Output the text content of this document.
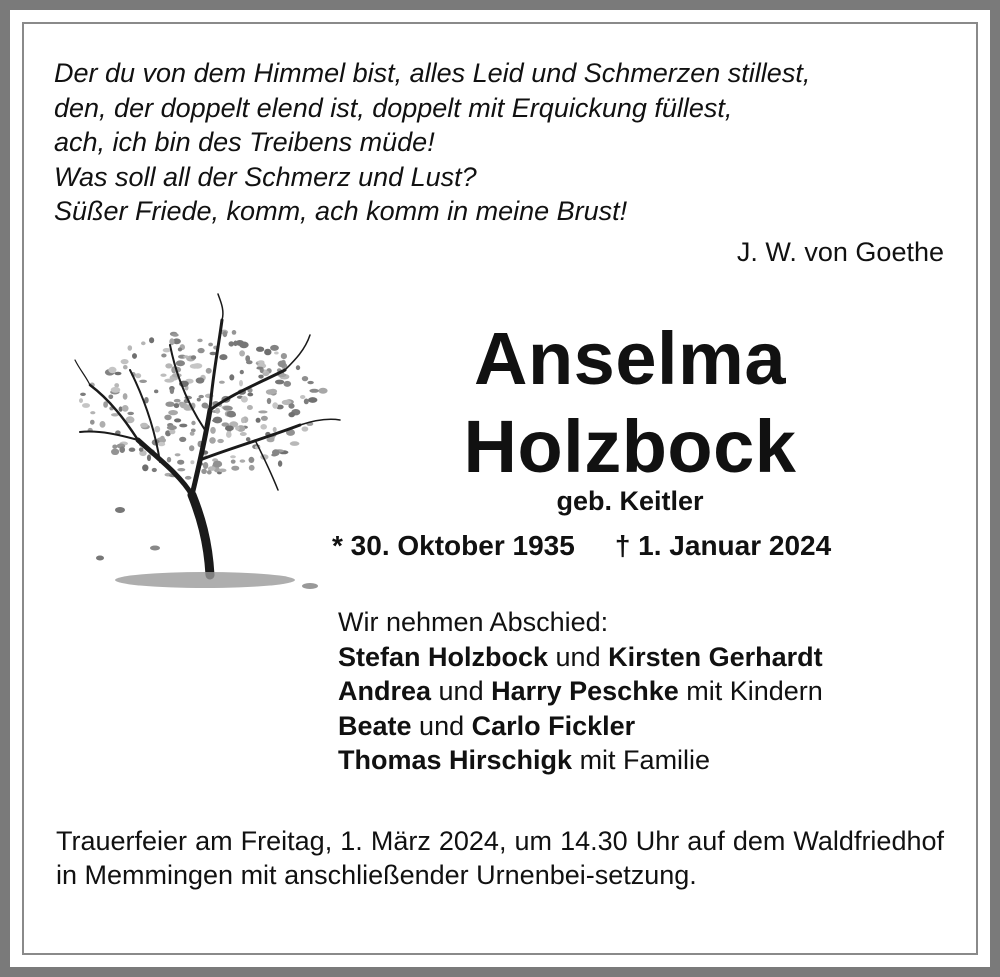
Der du von dem Himmel bist, alles Leid und Schmerzen stillest,
den, der doppelt elend ist, doppelt mit Erquickung füllest,
ach, ich bin des Treibens müde!
Was soll all der Schmerz und Lust?
Süßer Friede, komm, ach komm in meine Brust!
J. W. von Goethe
Anselma
Holzbock
geb. Keitler
* 30. Oktober 1935 † 1. Januar 2024
Wir nehmen Abschied:
Stefan Holzbock und Kirsten Gerhardt
Andrea und Harry Peschke mit Kindern
Beate und Carlo Fickler
Thomas Hirschigk mit Familie
Trauerfeier am Freitag, 1. März 2024, um 14.30 Uhr auf dem Waldfriedhof in Memmingen mit anschließender Urnenbei-setzung.
